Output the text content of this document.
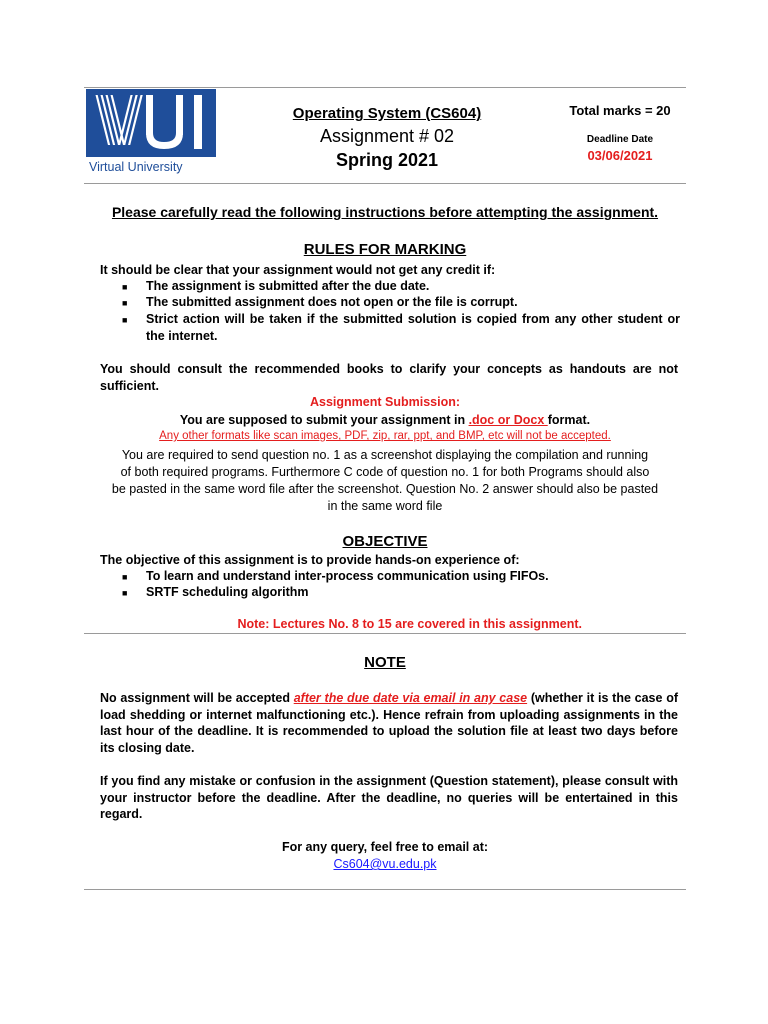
Virtual University
Operating System (CS604)
Assignment # 02
Spring 2021
Total marks = 20
Deadline Date
03/06/2021
Please carefully read the following instructions before attempting the assignment.
RULES FOR MARKING
It should be clear that your assignment would not get any credit if:
■	The assignment is submitted after the due date.
■	The submitted assignment does not open or the file is corrupt.
■	Strict action will be taken if the submitted solution is copied from any other student or the internet.
You should consult the recommended books to clarify your concepts as handouts are not sufficient.
Assignment Submission:
You are supposed to submit your assignment in .doc or Docx format.
Any other formats like scan images, PDF, zip, rar, ppt, and BMP, etc will not be accepted.
You are required to send question no. 1 as a screenshot displaying the compilation and running
of both required programs. Furthermore C code of question no. 1 for both Programs should also
be pasted in the same word file after the screenshot. Question No. 2 answer should also be pasted
in the same word file
OBJECTIVE
The objective of this assignment is to provide hands-on experience of:
■	To learn and understand inter-process communication using FIFOs.
■	SRTF scheduling algorithm
Note: Lectures No. 8 to 15 are covered in this assignment.
NOTE
No assignment will be accepted after the due date via email in any case (whether it is the case of load shedding or internet malfunctioning etc.). Hence refrain from uploading assignments in the last hour of the deadline. It is recommended to upload the solution file at least two days before its closing date.
If you find any mistake or confusion in the assignment (Question statement), please consult with your instructor before the deadline. After the deadline, no queries will be entertained in this regard.
For any query, feel free to email at:
Cs604@vu.edu.pk
